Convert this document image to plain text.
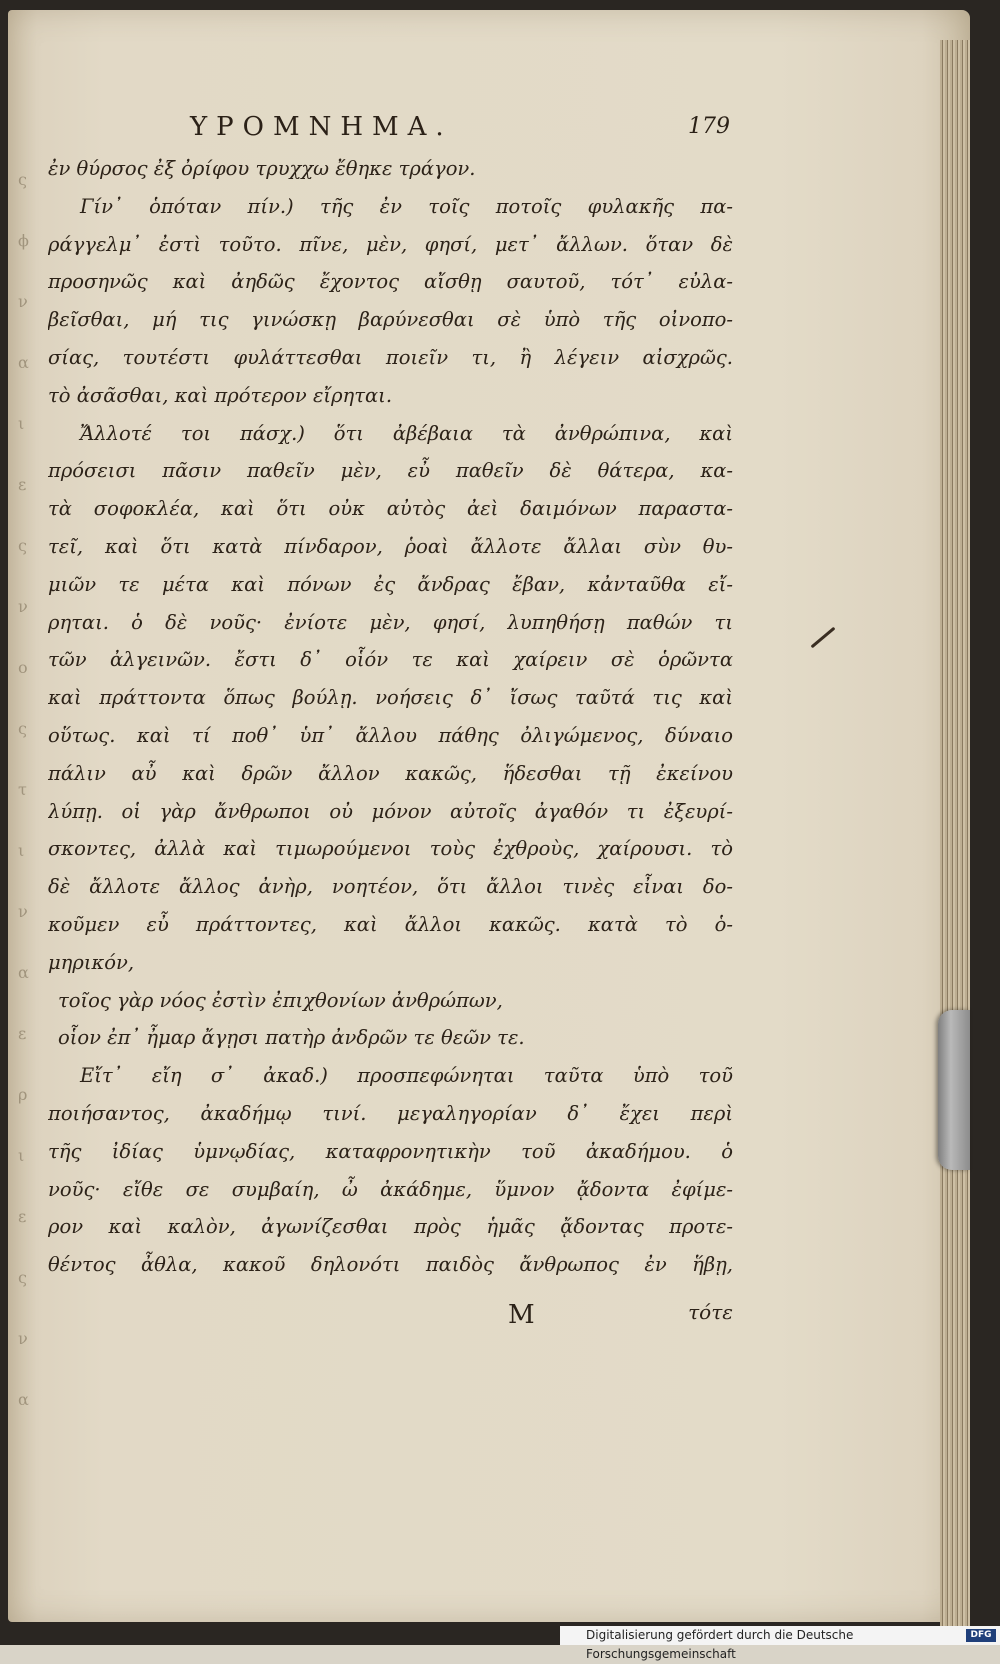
ς
ϕ
ν
α
ι
ε
ς
ν
ο
ς
τ
ι
ν
α
ε
ρ
ι
ε
ς
ν
α
ΥΡΟΜΝΗΜΑ.	179
ἐν θύρσος ἐξ ὀρίφου τρυχχω ἔθηκε τράγον.
Γίν᾽ ὁπόταν πίν.) τῆς ἐν τοῖς ποτοῖς φυλακῆς πα-
ράγγελμ᾽ ἐστὶ τοῦτο. πῖνε, μὲν, φησί, μετ᾽ ἄλλων. ὅταν δὲ
προσηνῶς καὶ ἀηδῶς ἔχοντος αἴσθῃ σαυτοῦ, τότ᾽ εὐλα-
βεῖσθαι, μή τις γινώσκῃ βαρύνεσθαι σὲ ὑπὸ τῆς οἰνοπο-
σίας, τουτέστι φυλάττεσθαι ποιεῖν τι, ἢ λέγειν αἰσχρῶς.
τὸ ἀσᾶσθαι, καὶ πρότερον εἴρηται.
Ἄλλοτέ τοι πάσχ.) ὅτι ἀβέβαια τὰ ἀνθρώπινα, καὶ
πρόσεισι πᾶσιν παθεῖν μὲν, εὖ παθεῖν δὲ θάτερα, κα-
τὰ σοφοκλέα, καὶ ὅτι οὐκ αὐτὸς ἀεὶ δαιμόνων παραστα-
τεῖ, καὶ ὅτι κατὰ πίνδαρον, ῥοαὶ ἄλλοτε ἄλλαι σὺν θυ-
μιῶν τε μέτα καὶ πόνων ἐς ἄνδρας ἔβαν, κἀνταῦθα εἴ-
ρηται. ὁ δὲ νοῦς· ἐνίοτε μὲν, φησί, λυπηθήσῃ παθών τι
τῶν ἀλγεινῶν. ἔστι δ᾽ οἷόν τε καὶ χαίρειν σὲ ὁρῶντα
καὶ πράττοντα ὅπως βούλῃ. νοήσεις δ᾽ ἴσως ταῦτά τις καὶ
οὕτως. καὶ τί ποθ᾽ ὑπ᾽ ἄλλου πάθης ὀλιγώμενος, δύναιο
πάλιν αὖ καὶ δρῶν ἄλλον κακῶς, ἥδεσθαι τῇ ἐκείνου
λύπῃ. οἱ γὰρ ἄνθρωποι οὐ μόνον αὐτοῖς ἀγαθόν τι ἐξευρί-
σκοντες, ἀλλὰ καὶ τιμωρούμενοι τοὺς ἐχθροὺς, χαίρουσι. τὸ
δὲ ἄλλοτε ἄλλος ἀνὴρ, νοητέον, ὅτι ἄλλοι τινὲς εἶναι δο-
κοῦμεν εὖ πράττοντες, καὶ ἄλλοι κακῶς. κατὰ τὸ ὁ-
μηρικόν,
τοῖος γὰρ νόος ἐστὶν ἐπιχθονίων ἀνθρώπων,
οἷον ἐπ᾽ ἦμαρ ἄγῃσι πατὴρ ἀνδρῶν τε θεῶν τε.
Εἴτ᾽ εἴη σ᾽ ἀκαδ.) προσπεφώνηται ταῦτα ὑπὸ τοῦ
ποιήσαντος, ἀκαδήμῳ τινί. μεγαληγορίαν δ᾽ ἔχει περὶ
τῆς ἰδίας ὑμνῳδίας, καταφρονητικὴν τοῦ ἀκαδήμου. ὁ
νοῦς· εἴθε σε συμβαίη, ὦ ἀκάδημε, ὕμνον ᾄδοντα ἐφίμε-
ρον καὶ καλὸν, ἀγωνίζεσθαι πρὸς ἡμᾶς ᾄδοντας προτε-
θέντος ἆθλα, κακοῦ δηλονότι παιδὸς ἄνθρωπος ἐν ἥβῃ,
M	τότε
Digitalisierung gefördert durch die Deutsche Forschungsgemeinschaft
DFG
